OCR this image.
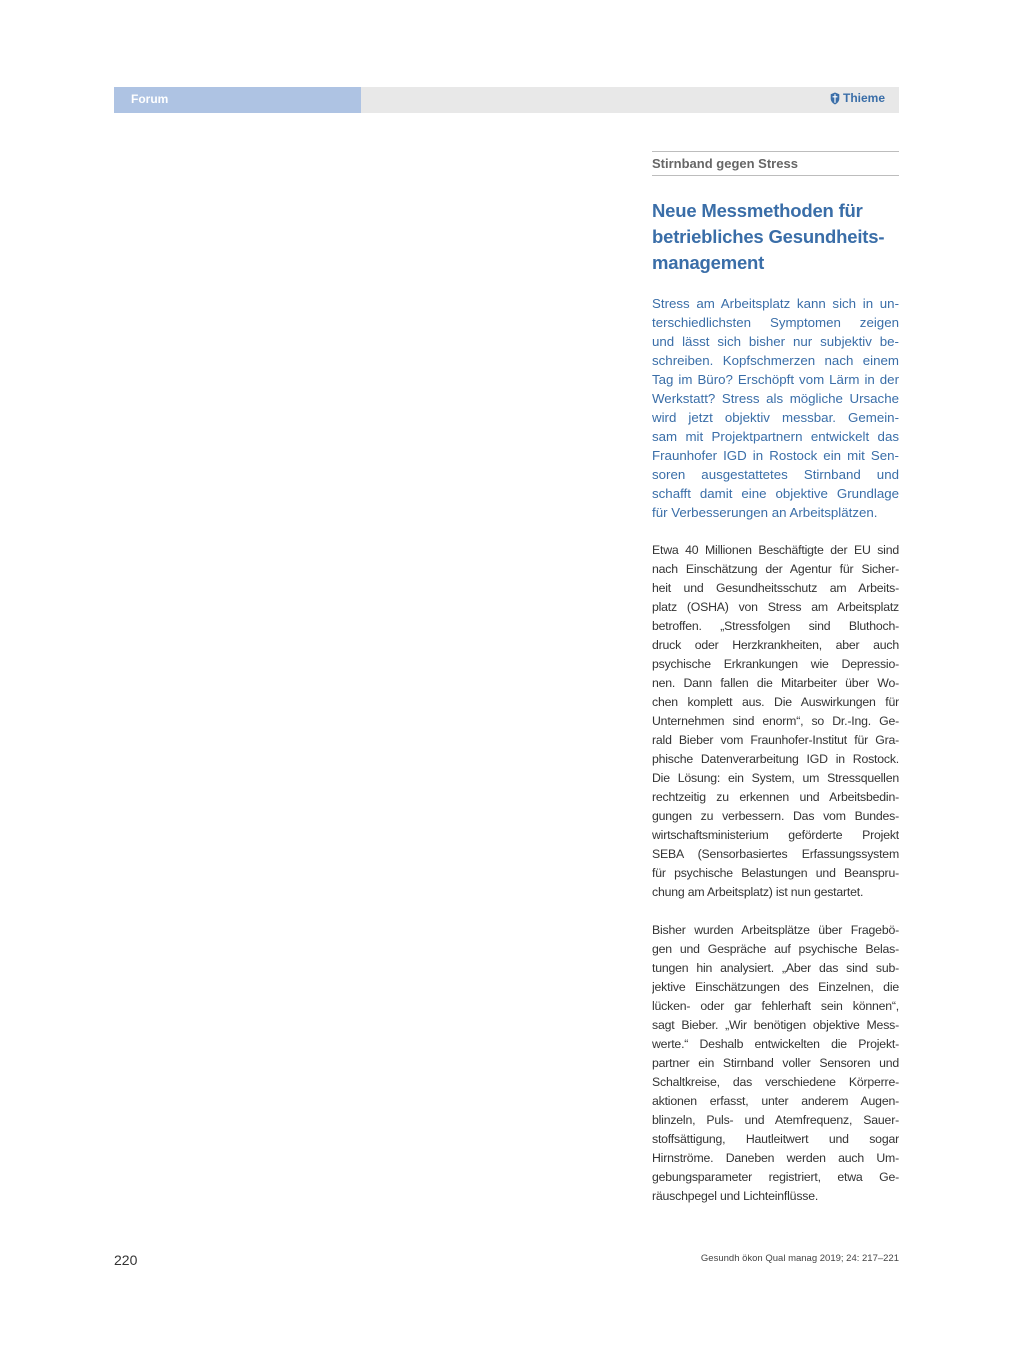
Forum	Thieme
Stirnband gegen Stress
Neue Messmethoden für
betriebliches Gesundheits-
management
Stress am Arbeitsplatz kann sich in un-
terschiedlichsten Symptomen zeigen
und lässt sich bisher nur subjektiv be-
schreiben. Kopfschmerzen nach einem
Tag im Büro? Erschöpft vom Lärm in der
Werkstatt? Stress als mögliche Ursache
wird jetzt objektiv messbar. Gemein-
sam mit Projektpartnern entwickelt das
Fraunhofer IGD in Rostock ein mit Sen-
soren ausgestattetes Stirnband und
schafft damit eine objektive Grundlage
für Verbesserungen an Arbeitsplätzen.
Etwa 40 Millionen Beschäftigte der EU sind
nach Einschätzung der Agentur für Sicher-
heit und Gesundheitsschutz am Arbeits-
platz (OSHA) von Stress am Arbeitsplatz
betroffen. „Stressfolgen sind Bluthoch-
druck oder Herzkrankheiten, aber auch
psychische Erkrankungen wie Depressio-
nen. Dann fallen die Mitarbeiter über Wo-
chen komplett aus. Die Auswirkungen für
Unternehmen sind enorm“, so Dr.-Ing. Ge-
rald Bieber vom Fraunhofer-Institut für Gra-
phische Datenverarbeitung IGD in Rostock.
Die Lösung: ein System, um Stressquellen
rechtzeitig zu erkennen und Arbeitsbedin-
gungen zu verbessern. Das vom Bundes-
wirtschaftsministerium geförderte Projekt
SEBA (Sensorbasiertes Erfassungssystem
für psychische Belastungen und Beanspru-
chung am Arbeitsplatz) ist nun gestartet.
Bisher wurden Arbeitsplätze über Fragebö-
gen und Gespräche auf psychische Belas-
tungen hin analysiert. „Aber das sind sub-
jektive Einschätzungen des Einzelnen, die
lücken- oder gar fehlerhaft sein können“,
sagt Bieber. „Wir benötigen objektive Mess-
werte.“ Deshalb entwickelten die Projekt-
partner ein Stirnband voller Sensoren und
Schaltkreise, das verschiedene Körperre-
aktionen erfasst, unter anderem Augen-
blinzeln, Puls- und Atemfrequenz, Sauer-
stoffsättigung, Hautleitwert und sogar
Hirnströme. Daneben werden auch Um-
gebungsparameter registriert, etwa Ge-
räuschpegel und Lichteinflüsse.
220	Gesundh ökon Qual manag 2019; 24: 217–221
